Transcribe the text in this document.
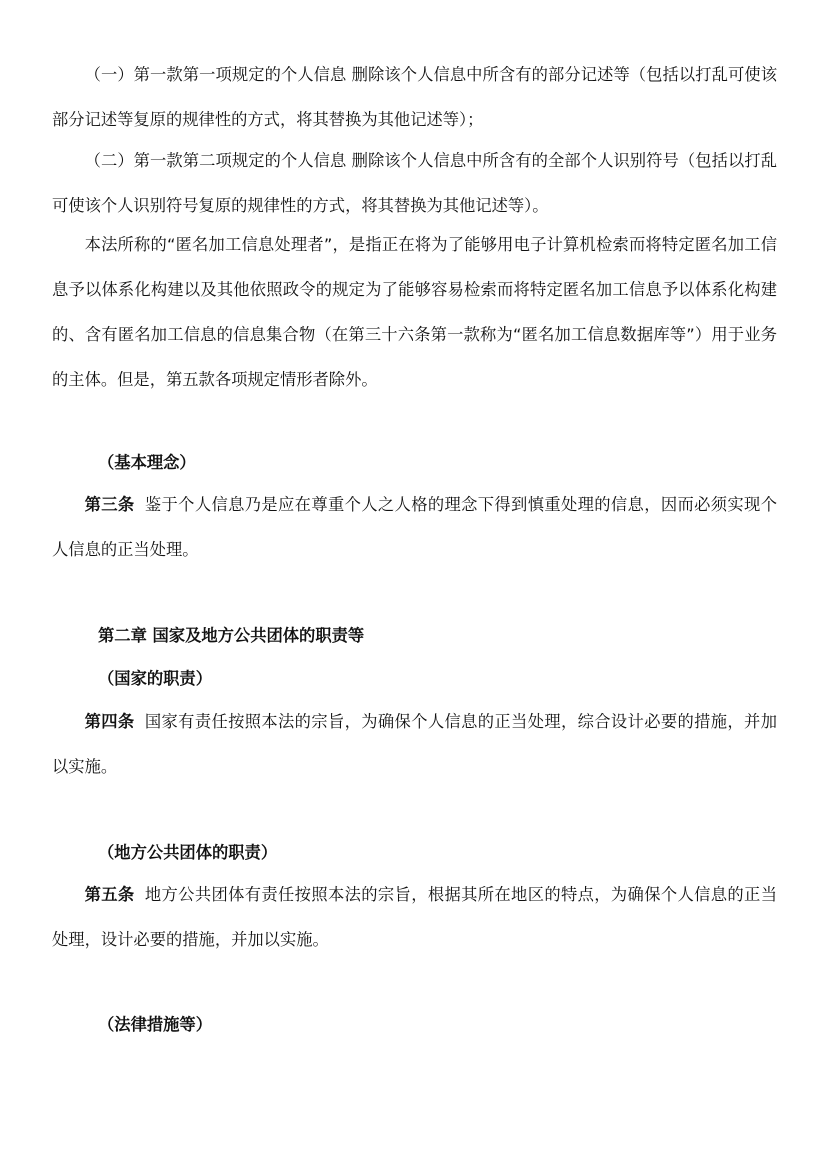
（一）第一款第一项规定的个人信息 删除该个人信息中所含有的部分记述等（包括以打乱可使该部分记述等复原的规律性的方式，将其替换为其他记述等）；

（二）第一款第二项规定的个人信息 删除该个人信息中所含有的全部个人识别符号（包括以打乱可使该个人识别符号复原的规律性的方式，将其替换为其他记述等）。

本法所称的“匿名加工信息处理者”，是指正在将为了能够用电子计算机检索而将特定匿名加工信息予以体系化构建以及其他依照政令的规定为了能够容易检索而将特定匿名加工信息予以体系化构建的、含有匿名加工信息的信息集合物（在第三十六条第一款称为“匿名加工信息数据库等”）用于业务的主体。但是，第五款各项规定情形者除外。

（基本理念）

第三条 鉴于个人信息乃是应在尊重个人之人格的理念下得到慎重处理的信息，因而必须实现个人信息的正当处理。

第二章 国家及地方公共团体的职责等

（国家的职责）

第四条 国家有责任按照本法的宗旨，为确保个人信息的正当处理，综合设计必要的措施，并加以实施。

（地方公共团体的职责）

第五条 地方公共团体有责任按照本法的宗旨，根据其所在地区的特点，为确保个人信息的正当处理，设计必要的措施，并加以实施。

（法律措施等）
